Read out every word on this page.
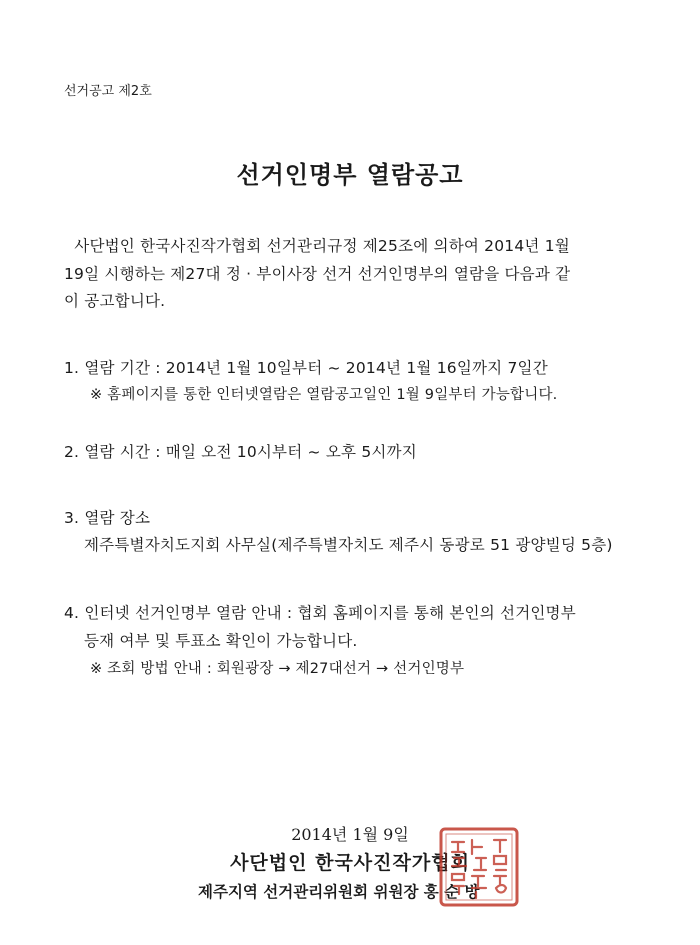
선거공고 제2호
선거인명부 열람공고
사단법인 한국사진작가협회 선거관리규정 제25조에 의하여 2014년 1월
19일 시행하는 제27대 정 · 부이사장 선거 선거인명부의 열람을 다음과 같
이 공고합니다.
1. 열람 기간 : 2014년 1월 10일부터 ~ 2014년 1월 16일까지 7일간
※ 홈페이지를 통한 인터넷열람은 열람공고일인 1월 9일부터 가능합니다.
2. 열람 시간 : 매일 오전 10시부터 ~ 오후 5시까지
3. 열람 장소
제주특별자치도지회 사무실(제주특별자치도 제주시 동광로 51 광양빌딩 5층)
4. 인터넷 선거인명부 열람 안내 : 협회 홈페이지를 통해 본인의 선거인명부
등재 여부 및 투표소 확인이 가능합니다.
※ 조회 방법 안내 : 회원광장 → 제27대선거 → 선거인명부
2014년 1월 9일
사단법인 한국사진작가협회
제주지역 선거관리위원회 위원장 홍 순 방
